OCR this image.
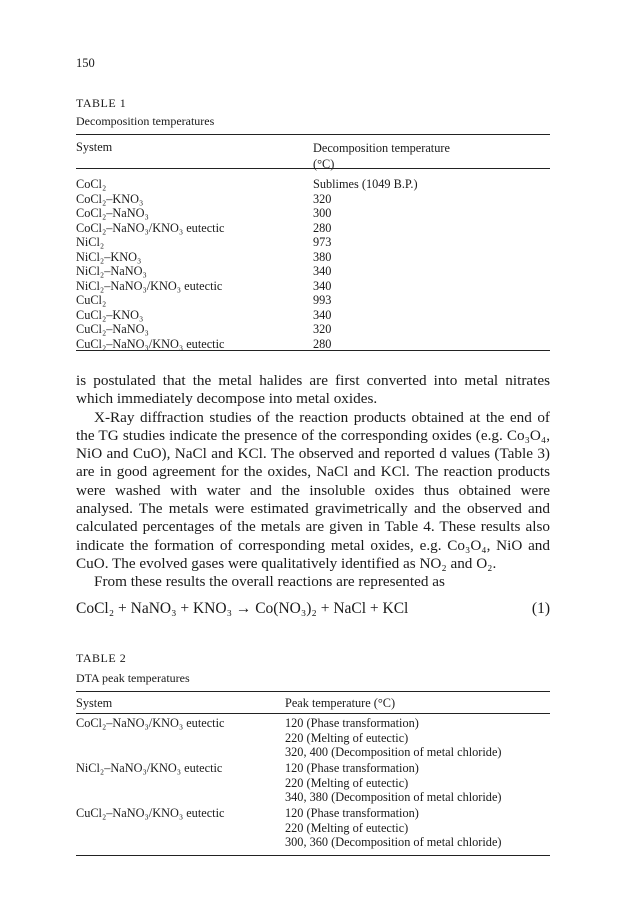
150
TABLE 1
Decomposition temperatures
System	Decomposition temperature
(°C)
CoCl₂	Sublimes (1049 B.P.)
CoCl₂–KNO₃	320
CoCl₂–NaNO₃	300
CoCl₂–NaNO₃/KNO₃ eutectic	280
NiCl₂	973
NiCl₂–KNO₃	380
NiCl₂–NaNO₃	340
NiCl₂–NaNO₃/KNO₃ eutectic	340
CuCl₂	993
CuCl₂–KNO₃	340
CuCl₂–NaNO₃	320
CuCl₂–NaNO₃/KNO₃ eutectic	280

is postulated that the metal halides are first converted into metal nitrates which immediately decompose into metal oxides.

X-Ray diffraction studies of the reaction products obtained at the end of the TG studies indicate the presence of the corresponding oxides (e.g. Co₃O₄, NiO and CuO), NaCl and KCl. The observed and reported d values (Table 3) are in good agreement for the oxides, NaCl and KCl. The reaction products were washed with water and the insoluble oxides thus obtained were analysed. The metals were estimated gravimetrically and the observed and calculated percentages of the metals are given in Table 4. These results also indicate the formation of corresponding metal oxides, e.g. Co₃O₄, NiO and CuO. The evolved gases were qualitatively identified as NO₂ and O₂.

From these results the overall reactions are represented as

CoCl₂ + NaNO₃ + KNO₃ → Co(NO₃)₂ + NaCl + KCl	(1)
TABLE 2
DTA peak temperatures
System	Peak temperature (°C)
CoCl₂–NaNO₃/KNO₃ eutectic	120 (Phase transformation)
220 (Melting of eutectic)
320, 400 (Decomposition of metal chloride)
NiCl₂–NaNO₃/KNO₃ eutectic	120 (Phase transformation)
220 (Melting of eutectic)
340, 380 (Decomposition of metal chloride)
CuCl₂–NaNO₃/KNO₃ eutectic	120 (Phase transformation)
220 (Melting of eutectic)
300, 360 (Decomposition of metal chloride)
